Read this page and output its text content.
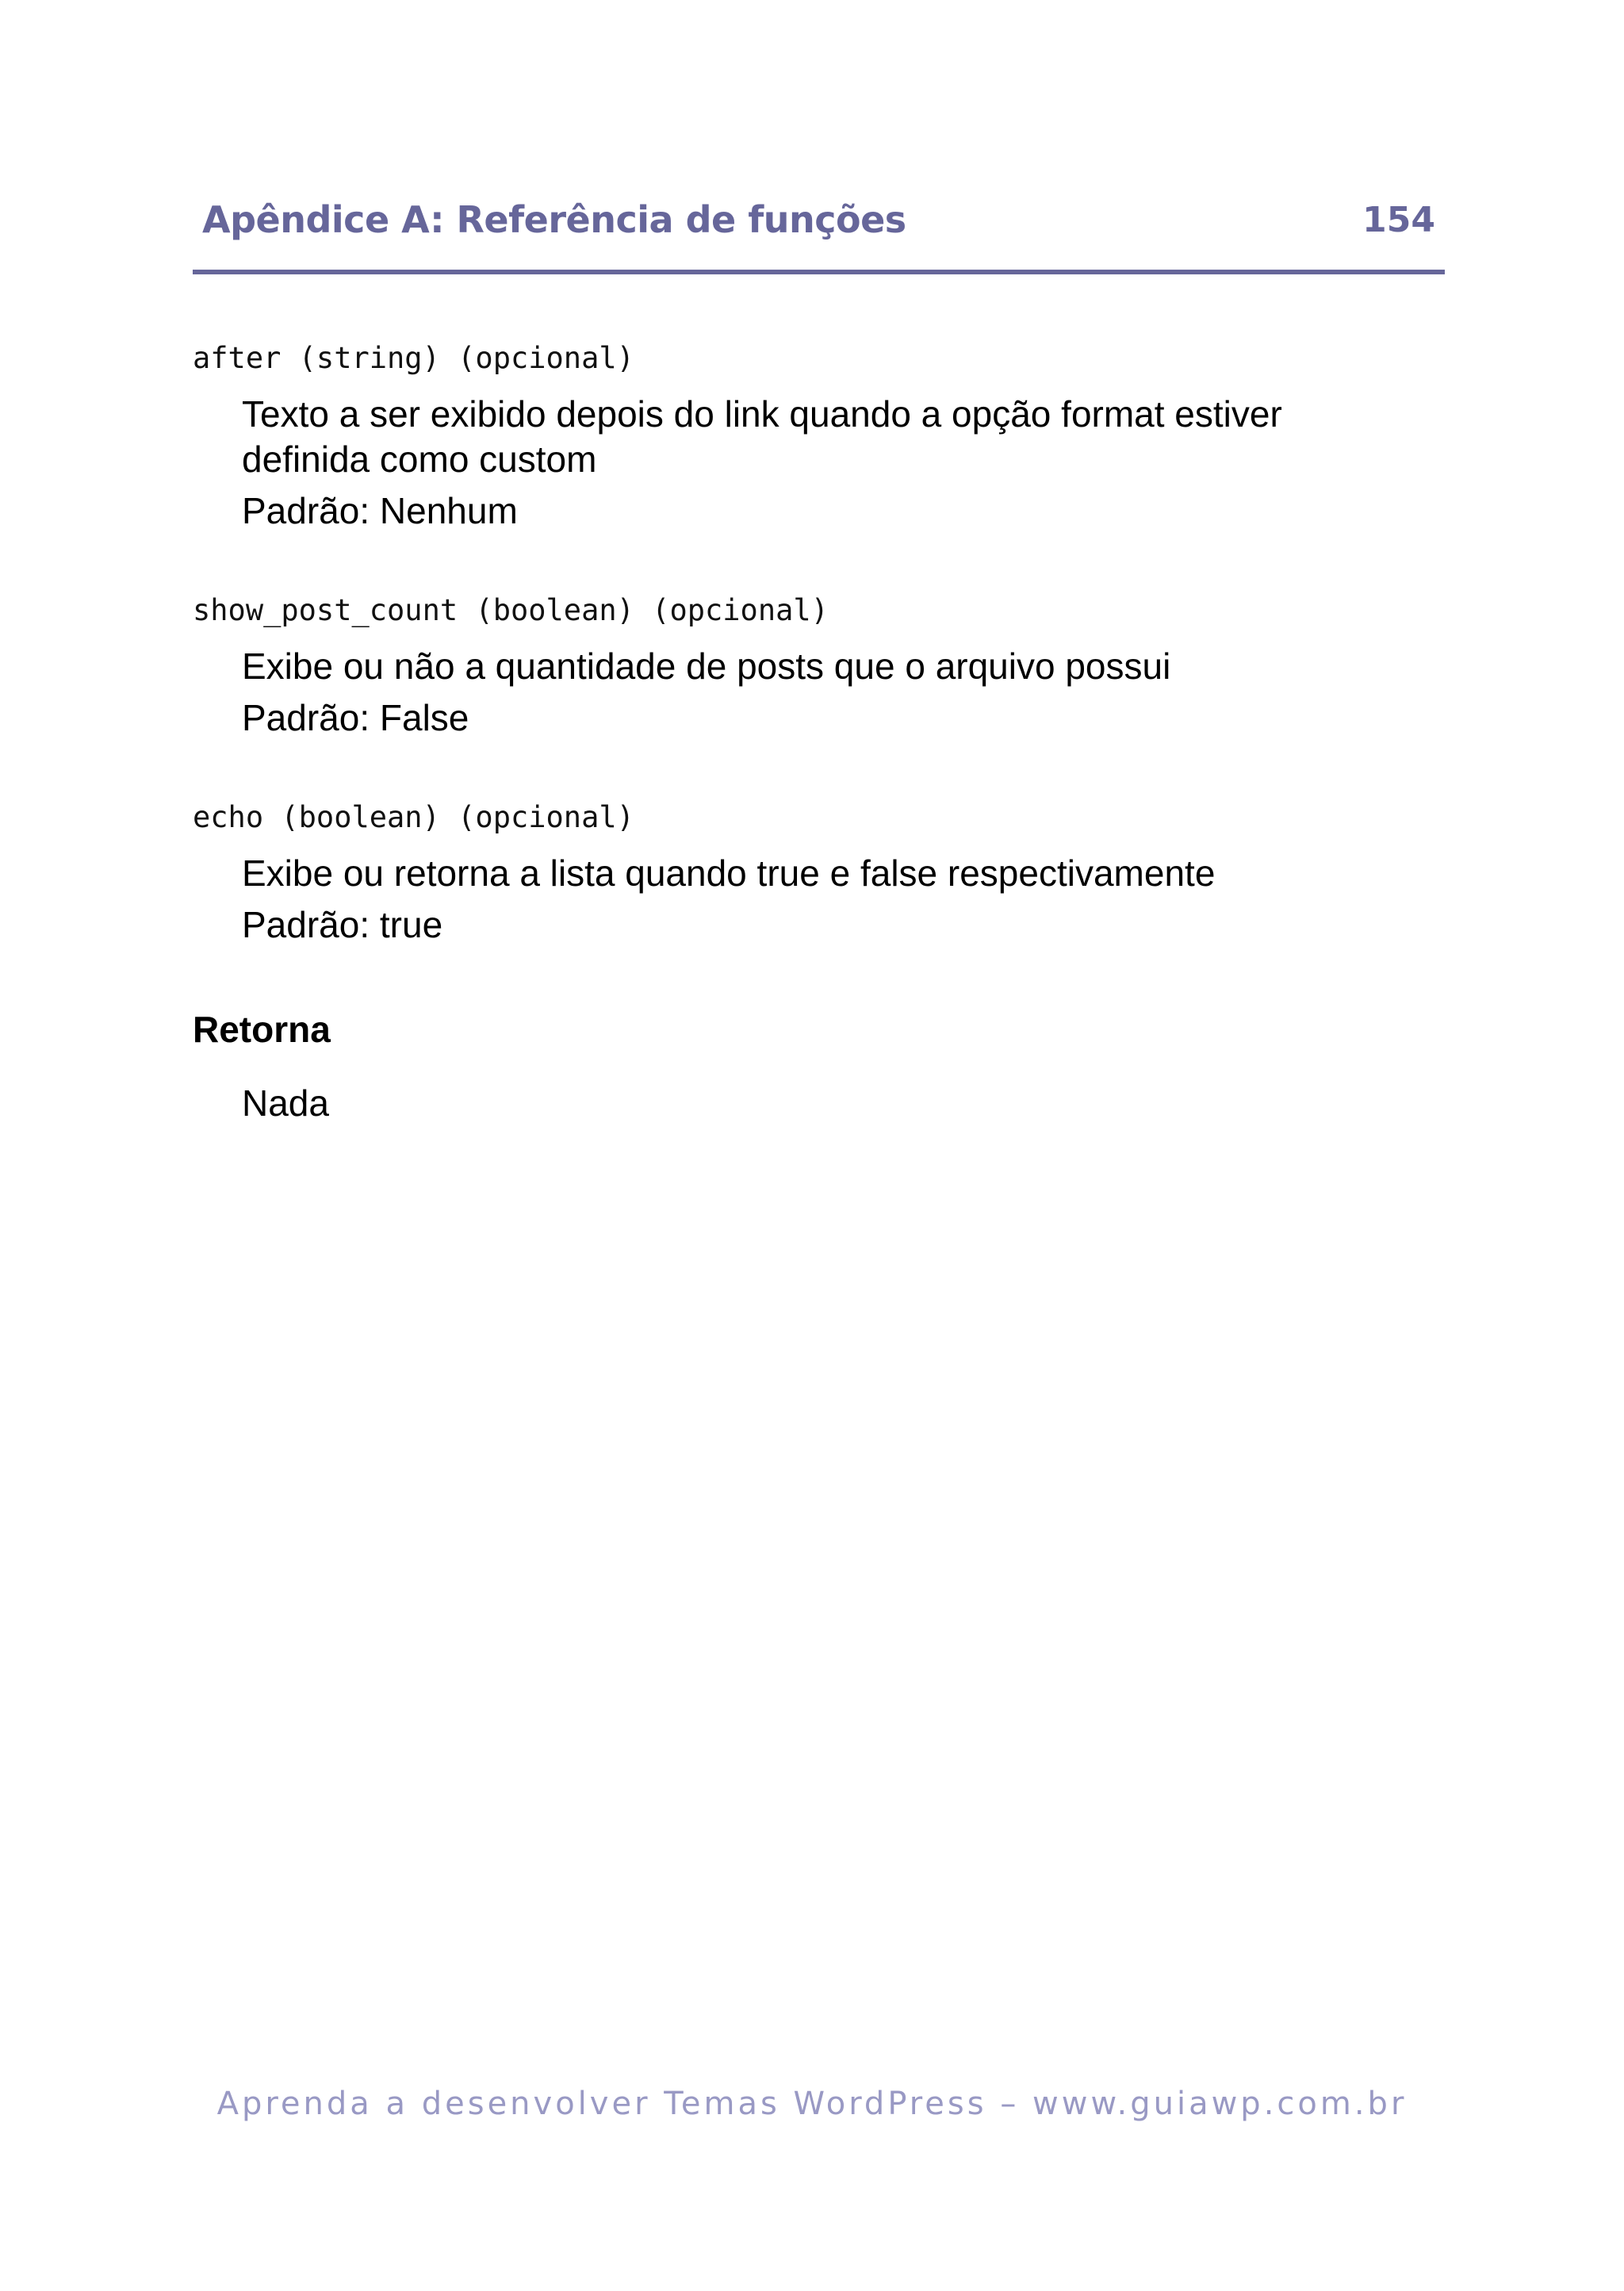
Apêndice A: Referência de funções	154
after (string) (opcional)
Texto a ser exibido depois do link quando a opção format estiver
definida como custom
Padrão: Nenhum
show_post_count (boolean) (opcional)
Exibe ou não a quantidade de posts que o arquivo possui
Padrão: False
echo (boolean) (opcional)
Exibe ou retorna a lista quando true e false respectivamente
Padrão: true
Retorna
Nada
Aprenda a desenvolver Temas WordPress – www.guiawp.com.br
